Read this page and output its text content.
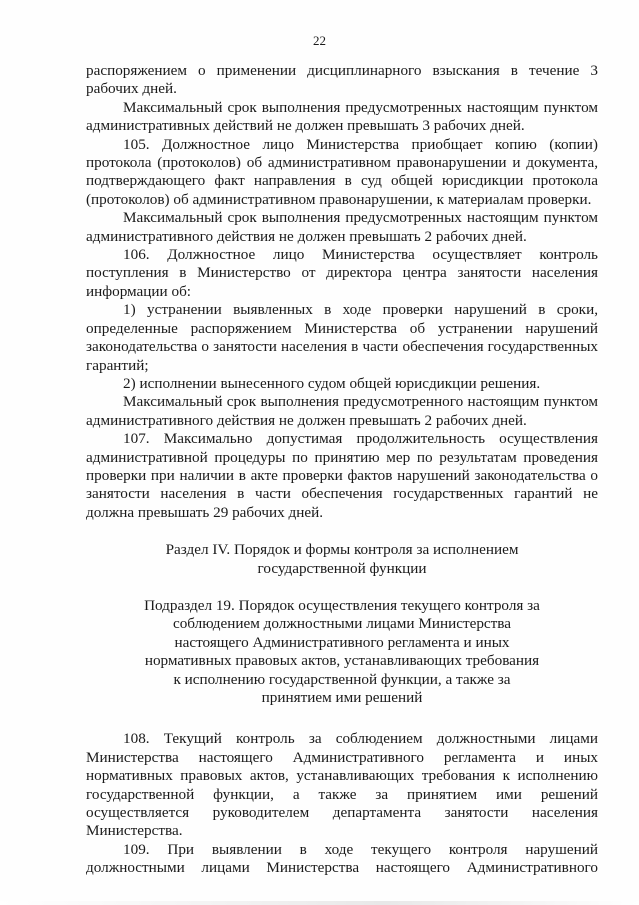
22

распоряжением о применении дисциплинарного взыскания в течение 3 рабочих дней.

Максимальный срок выполнения предусмотренных настоящим пунктом административных действий не должен превышать 3 рабочих дней.

105. Должностное лицо Министерства приобщает копию (копии) протокола (протоколов) об административном правонарушении и документа, подтверждающего факт направления в суд общей юрисдикции протокола (протоколов) об административном правонарушении, к материалам проверки.

Максимальный срок выполнения предусмотренных настоящим пунктом административного действия не должен превышать 2 рабочих дней.

106. Должностное лицо Министерства осуществляет контроль поступления в Министерство от директора центра занятости населения информации об:

1) устранении выявленных в ходе проверки нарушений в сроки, определенные распоряжением Министерства об устранении нарушений законодательства о занятости населения в части обеспечения государственных гарантий;

2) исполнении вынесенного судом общей юрисдикции решения.

Максимальный срок выполнения предусмотренного настоящим пунктом административного действия не должен превышать 2 рабочих дней.

107. Максимально допустимая продолжительность осуществления административной процедуры по принятию мер по результатам проведения проверки при наличии в акте проверки фактов нарушений законодательства о занятости населения в части обеспечения государственных гарантий не должна превышать 29 рабочих дней.

Раздел IV. Порядок и формы контроля за исполнением государственной функции

Подраздел 19. Порядок осуществления текущего контроля за соблюдением должностными лицами Министерства настоящего Административного регламента и иных нормативных правовых актов, устанавливающих требования к исполнению государственной функции, а также за принятием ими решений

108. Текущий контроль за соблюдением должностными лицами Министерства настоящего Административного регламента и иных нормативных правовых актов, устанавливающих требования к исполнению государственной функции, а также за принятием ими решений осуществляется руководителем департамента занятости населения Министерства.

109. При выявлении в ходе текущего контроля нарушений должностными лицами Министерства настоящего Административного
